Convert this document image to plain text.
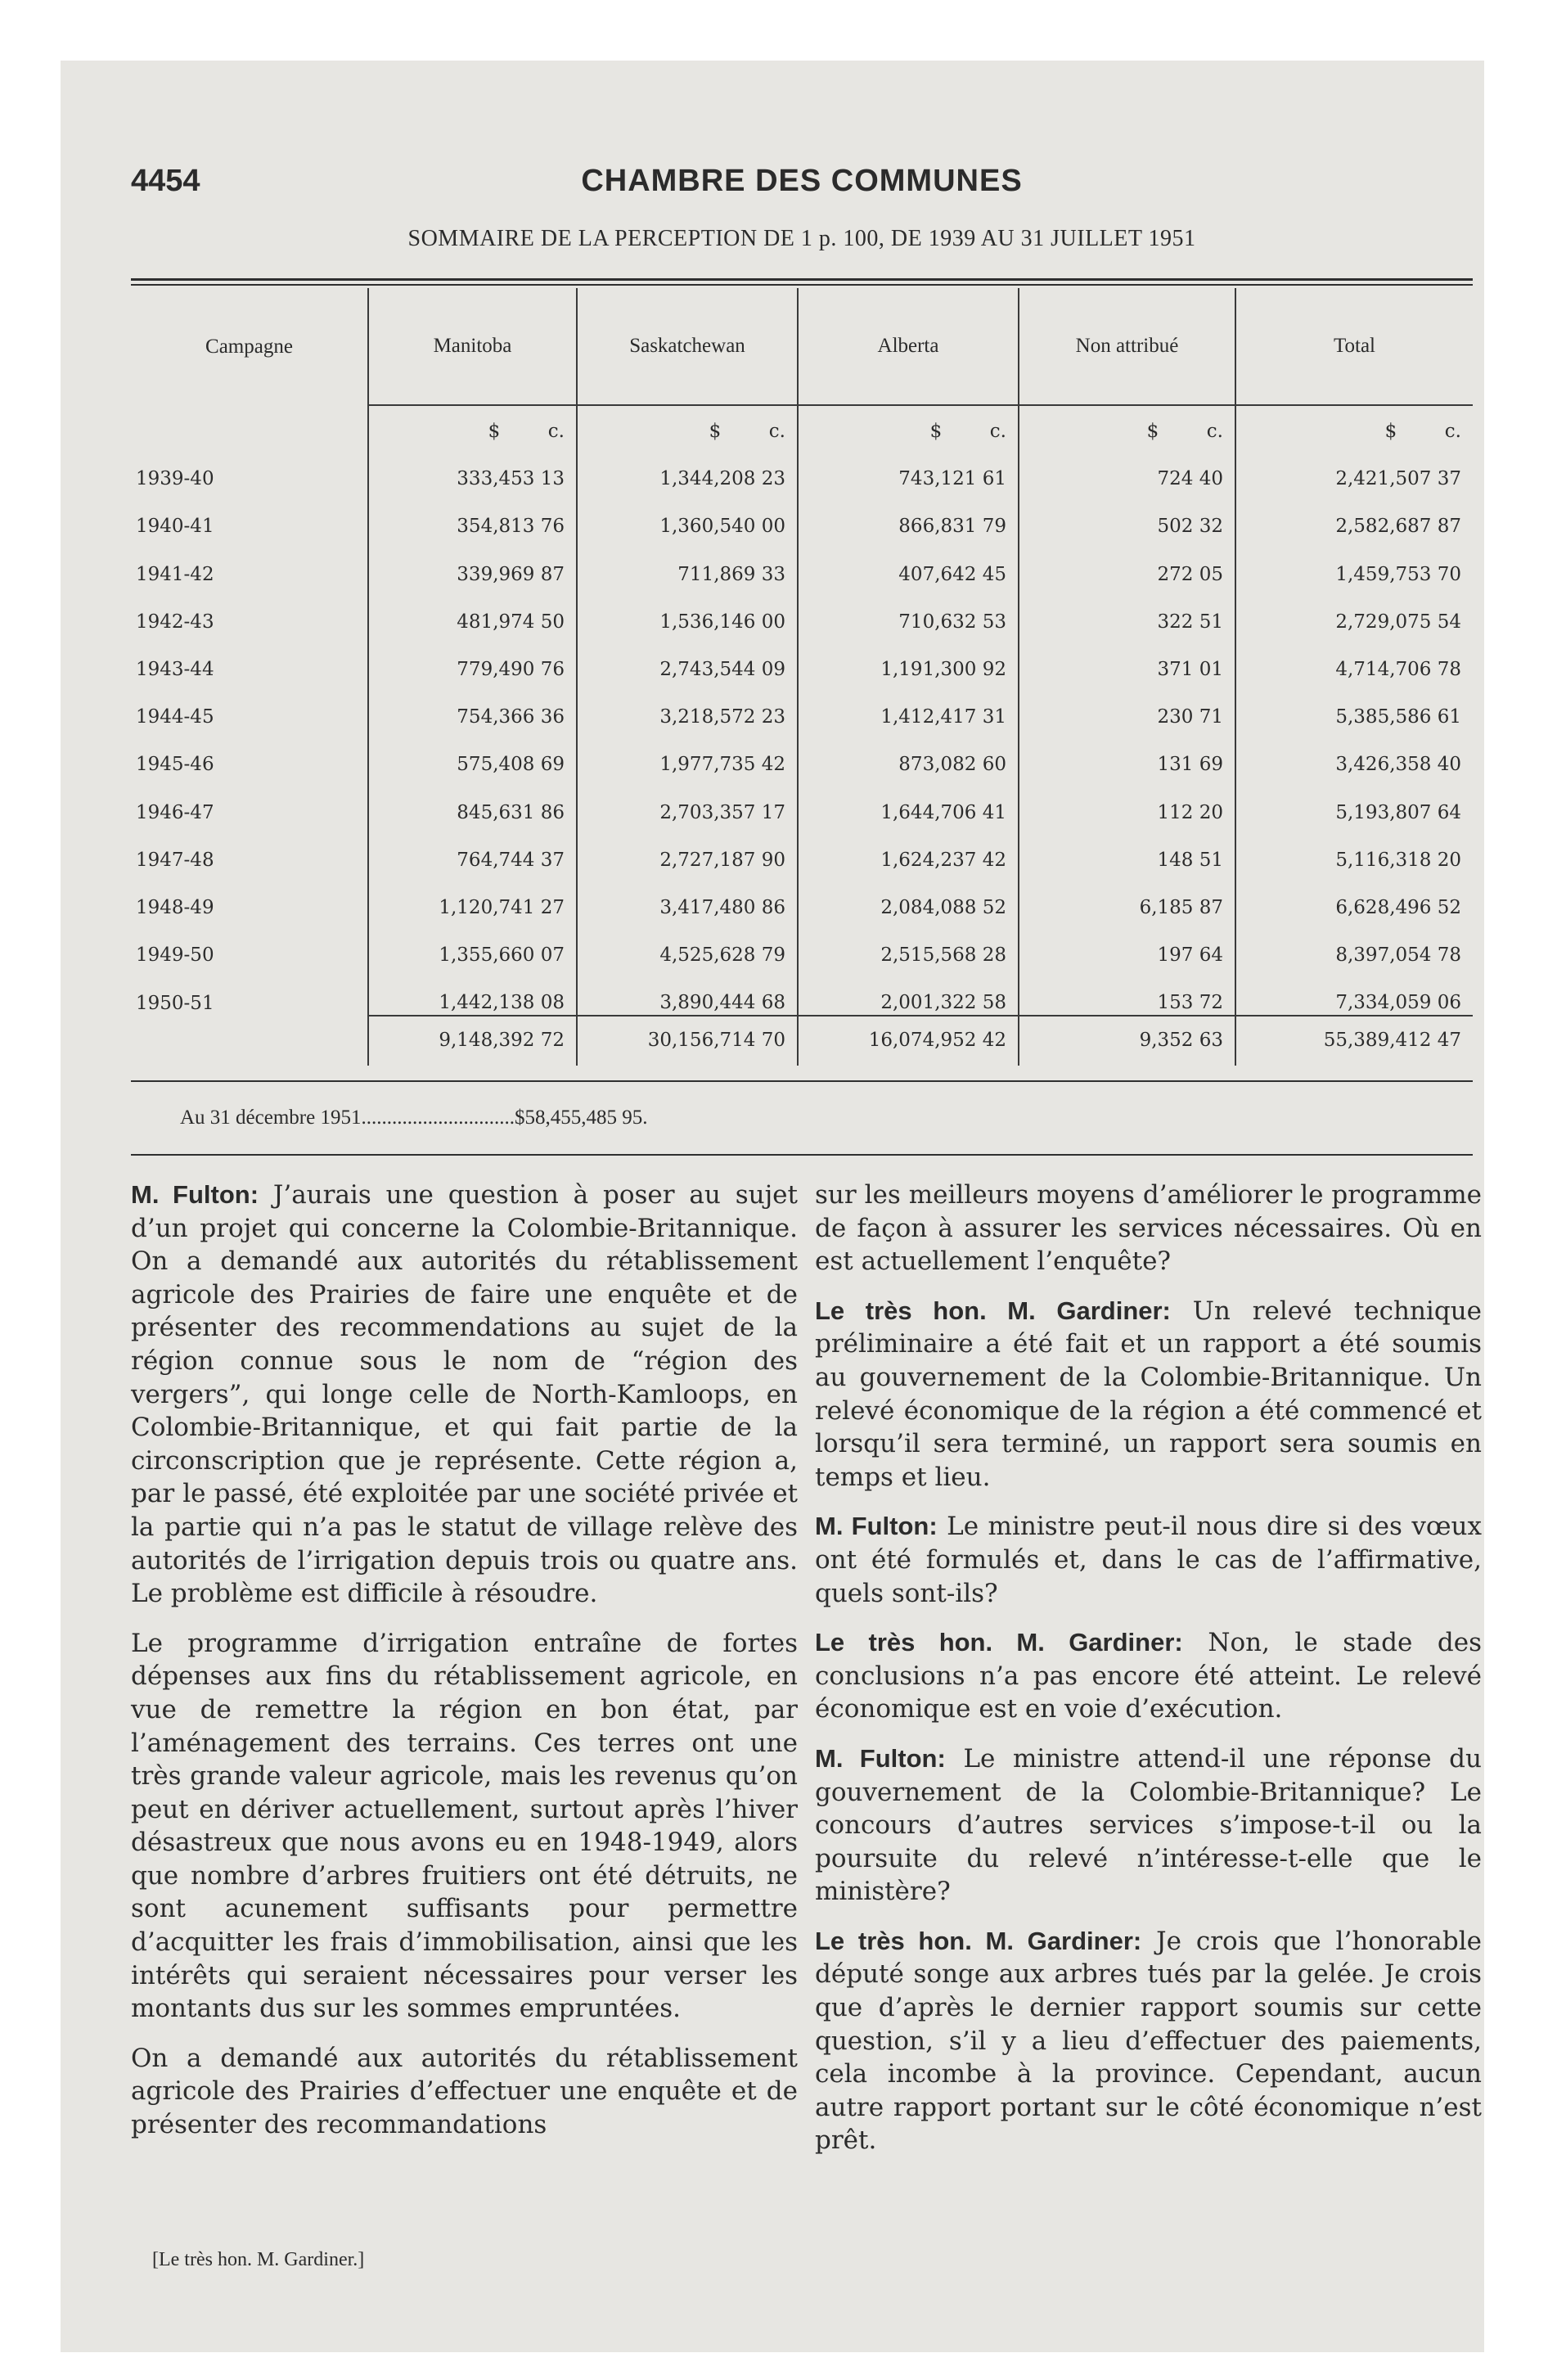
4454	CHAMBRE DES COMMUNES
SOMMAIRE DE LA PERCEPTION DE 1 p. 100, DE 1939 AU 31 JUILLET 1951
Campagne	Manitoba	Saskatchewan	Alberta	Non attribué	Total
	$ c.	$ c.	$ c.	$ c.	$ c.
1939-40	333,453 13	1,344,208 23	743,121 61	724 40	2,421,507 37
1940-41	354,813 76	1,360,540 00	866,831 79	502 32	2,582,687 87
1941-42	339,969 87	711,869 33	407,642 45	272 05	1,459,753 70
1942-43	481,974 50	1,536,146 00	710,632 53	322 51	2,729,075 54
1943-44	779,490 76	2,743,544 09	1,191,300 92	371 01	4,714,706 78
1944-45	754,366 36	3,218,572 23	1,412,417 31	230 71	5,385,586 61
1945-46	575,408 69	1,977,735 42	873,082 60	131 69	3,426,358 40
1946-47	845,631 86	2,703,357 17	1,644,706 41	112 20	5,193,807 64
1947-48	764,744 37	2,727,187 90	1,624,237 42	148 51	5,116,318 20
1948-49	1,120,741 27	3,417,480 86	2,084,088 52	6,185 87	6,628,496 52
1949-50	1,355,660 07	4,525,628 79	2,515,568 28	197 64	8,397,054 78
1950-51	1,442,138 08	3,890,444 68	2,001,322 58	153 72	7,334,059 06
	9,148,392 72	30,156,714 70	16,074,952 42	9,352 63	55,389,412 47
Au 31 décembre 1951..............................$58,455,485 95.

M. Fulton: J’aurais une question à poser au sujet d’un projet qui concerne la Colombie-Britannique. On a demandé aux autorités du rétablissement agricole des Prairies de faire une enquête et de présenter des recommendations au sujet de la région connue sous le nom de “région des vergers”, qui longe celle de North-Kamloops, en Colombie-Britannique, et qui fait partie de la circonscription que je représente. Cette région a, par le passé, été exploitée par une société privée et la partie qui n’a pas le statut de village relève des autorités de l’irrigation depuis trois ou quatre ans. Le problème est difficile à résoudre.

Le programme d’irrigation entraîne de fortes dépenses aux fins du rétablissement agricole, en vue de remettre la région en bon état, par l’aménagement des terrains. Ces terres ont une très grande valeur agricole, mais les revenus qu’on peut en dériver actuellement, surtout après l’hiver désastreux que nous avons eu en 1948-1949, alors que nombre d’arbres fruitiers ont été détruits, ne sont acunement suffisants pour permettre d’acquitter les frais d’immobilisation, ainsi que les intérêts qui seraient nécessaires pour verser les montants dus sur les sommes empruntées.

On a demandé aux autorités du rétablissement agricole des Prairies d’effectuer une enquête et de présenter des recommandations

sur les meilleurs moyens d’améliorer le programme de façon à assurer les services nécessaires. Où en est actuellement l’enquête?

Le très hon. M. Gardiner: Un relevé technique préliminaire a été fait et un rapport a été soumis au gouvernement de la Colombie-Britannique. Un relevé économique de la région a été commencé et lorsqu’il sera terminé, un rapport sera soumis en temps et lieu.

M. Fulton: Le ministre peut-il nous dire si des vœux ont été formulés et, dans le cas de l’affirmative, quels sont-ils?

Le très hon. M. Gardiner: Non, le stade des conclusions n’a pas encore été atteint. Le relevé économique est en voie d’exécution.

M. Fulton: Le ministre attend-il une réponse du gouvernement de la Colombie-Britannique? Le concours d’autres services s’impose-t-il ou la poursuite du relevé n’intéresse-t-elle que le ministère?

Le très hon. M. Gardiner: Je crois que l’honorable député songe aux arbres tués par la gelée. Je crois que d’après le dernier rapport soumis sur cette question, s’il y a lieu d’effectuer des paiements, cela incombe à la province. Cependant, aucun autre rapport portant sur le côté économique n’est prêt.

[Le très hon. M. Gardiner.]
